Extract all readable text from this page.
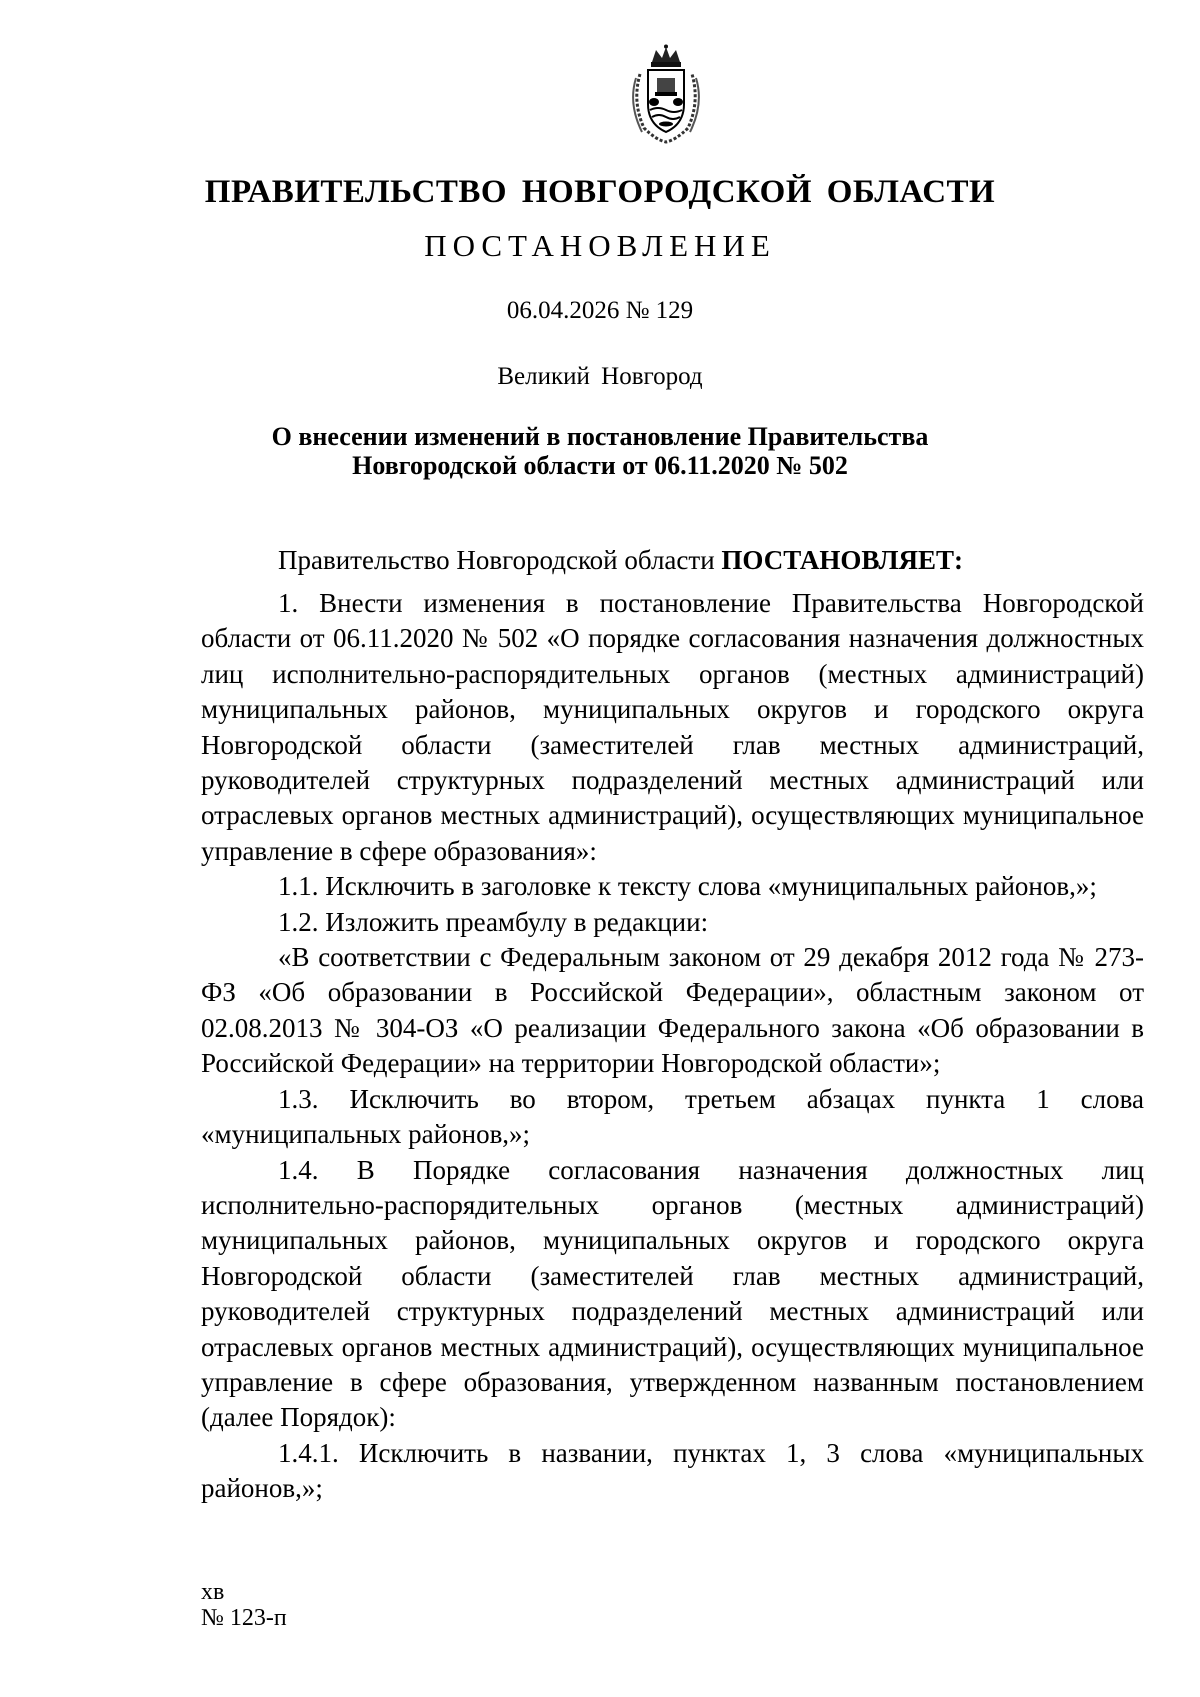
ПРАВИТЕЛЬСТВО НОВГОРОДСКОЙ ОБЛАСТИ
ПОСТАНОВЛЕНИЕ
06.04.2026 № 129
Великий Новгород
О внесении изменений в постановление Правительства
Новгородской области от 06.11.2020 № 502
Правительство Новгородской области ПОСТАНОВЛЯЕТ:

1. Внести изменения в постановление Правительства Новгородской области от 06.11.2020 № 502 «О порядке согласования назначения должностных лиц исполнительно-распорядительных органов (местных администраций) муниципальных районов, муниципальных округов и городского округа Новгородской области (заместителей глав местных администраций, руководителей структурных подразделений местных администраций или отраслевых органов местных администраций), осуществляющих муниципальное управление в сфере образования»:

1.1. Исключить в заголовке к тексту слова «муниципальных районов,»;

1.2. Изложить преамбулу в редакции:

«В соответствии с Федеральным законом от 29 декабря 2012 года № 273-ФЗ «Об образовании в Российской Федерации», областным законом от 02.08.2013 № 304-ОЗ «О реализации Федерального закона «Об образовании в Российской Федерации» на территории Новгородской области»;

1.3. Исключить во втором, третьем абзацах пункта 1 слова «муниципальных районов,»;

1.4. В Порядке согласования назначения должностных лиц исполнительно-распорядительных органов (местных администраций) муниципальных районов, муниципальных округов и городского округа Новгородской области (заместителей глав местных администраций, руководителей структурных подразделений местных администраций или отраслевых органов местных администраций), осуществляющих муниципальное управление в сфере образования, утвержденном названным постановлением (далее Порядок):

1.4.1. Исключить в названии, пунктах 1, 3 слова «муниципальных районов,»;

хв
№ 123-п
